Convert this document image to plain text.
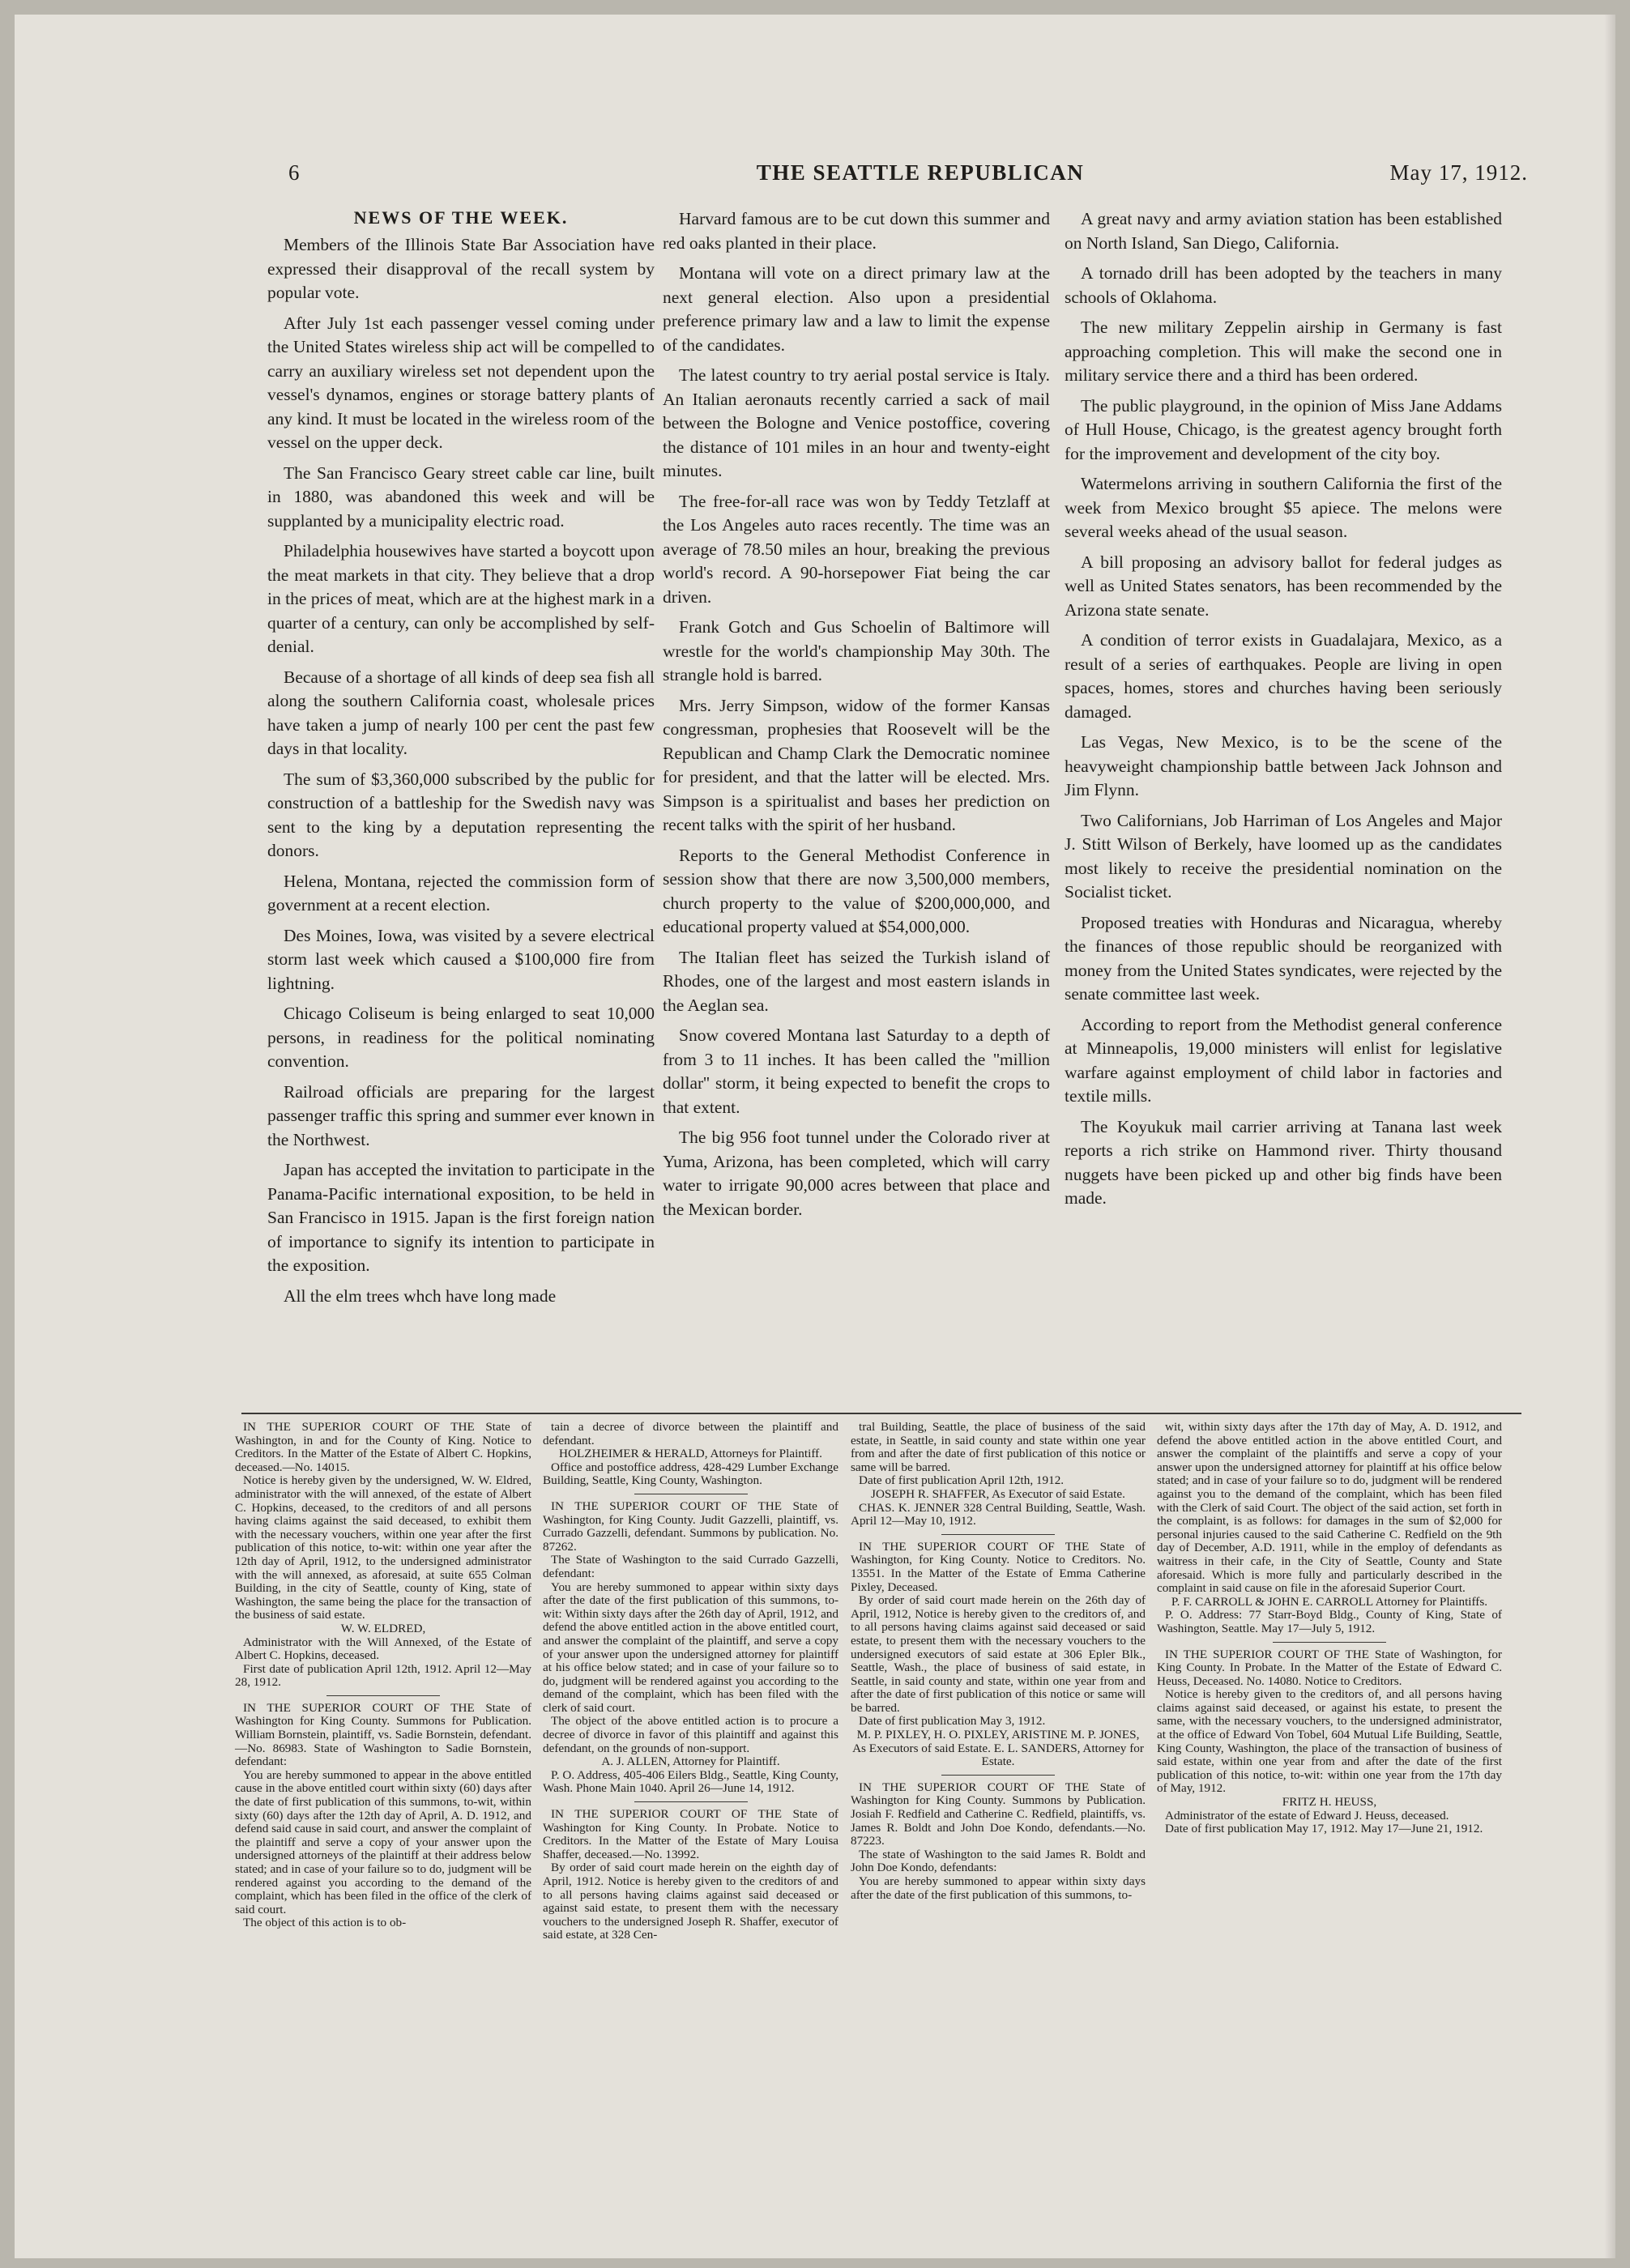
6	THE SEATTLE REPUBLICAN	May 17, 1912.
NEWS OF THE WEEK.

Members of the Illinois State Bar Association have expressed their disapproval of the recall system by popular vote.

After July 1st each passenger vessel coming under the United States wireless ship act will be compelled to carry an auxiliary wireless set not dependent upon the vessel's dynamos, engines or storage battery plants of any kind. It must be located in the wireless room of the vessel on the upper deck.

The San Francisco Geary street cable car line, built in 1880, was abandoned this week and will be supplanted by a municipality electric road.

Philadelphia housewives have started a boycott upon the meat markets in that city. They believe that a drop in the prices of meat, which are at the highest mark in a quarter of a century, can only be accomplished by self-denial.

Because of a shortage of all kinds of deep sea fish all along the southern California coast, wholesale prices have taken a jump of nearly 100 per cent the past few days in that locality.

The sum of $3,360,000 subscribed by the public for construction of a battleship for the Swedish navy was sent to the king by a deputation representing the donors.

Helena, Montana, rejected the commission form of government at a recent election.

Des Moines, Iowa, was visited by a severe electrical storm last week which caused a $100,000 fire from lightning.

Chicago Coliseum is being enlarged to seat 10,000 persons, in readiness for the political nominating convention.

Railroad officials are preparing for the largest passenger traffic this spring and summer ever known in the Northwest.

Japan has accepted the invitation to participate in the Panama-Pacific international exposition, to be held in San Francisco in 1915. Japan is the first foreign nation of importance to signify its intention to participate in the exposition.

All the elm trees whch have long made

Harvard famous are to be cut down this summer and red oaks planted in their place.

Montana will vote on a direct primary law at the next general election. Also upon a presidential preference primary law and a law to limit the expense of the candidates.

The latest country to try aerial postal service is Italy. An Italian aeronauts recently carried a sack of mail between the Bologne and Venice postoffice, covering the distance of 101 miles in an hour and twenty-eight minutes.

The free-for-all race was won by Teddy Tetzlaff at the Los Angeles auto races recently. The time was an average of 78.50 miles an hour, breaking the previous world's record. A 90-horsepower Fiat being the car driven.

Frank Gotch and Gus Schoelin of Baltimore will wrestle for the world's championship May 30th. The strangle hold is barred.

Mrs. Jerry Simpson, widow of the former Kansas congressman, prophesies that Roosevelt will be the Republican and Champ Clark the Democratic nominee for president, and that the latter will be elected. Mrs. Simpson is a spiritualist and bases her prediction on recent talks with the spirit of her husband.

Reports to the General Methodist Conference in session show that there are now 3,500,000 members, church property to the value of $200,000,000, and educational property valued at $54,000,000.

The Italian fleet has seized the Turkish island of Rhodes, one of the largest and most eastern islands in the Aeglan sea.

Snow covered Montana last Saturday to a depth of from 3 to 11 inches. It has been called the ''million dollar'' storm, it being expected to benefit the crops to that extent.

The big 956 foot tunnel under the Colorado river at Yuma, Arizona, has been completed, which will carry water to irrigate 90,000 acres between that place and the Mexican border.

A great navy and army aviation station has been established on North Island, San Diego, California.

A tornado drill has been adopted by the teachers in many schools of Oklahoma.

The new military Zeppelin airship in Germany is fast approaching completion. This will make the second one in military service there and a third has been ordered.

The public playground, in the opinion of Miss Jane Addams of Hull House, Chicago, is the greatest agency brought forth for the improvement and development of the city boy.

Watermelons arriving in southern California the first of the week from Mexico brought $5 apiece. The melons were several weeks ahead of the usual season.

A bill proposing an advisory ballot for federal judges as well as United States senators, has been recommended by the Arizona state senate.

A condition of terror exists in Guadalajara, Mexico, as a result of a series of earthquakes. People are living in open spaces, homes, stores and churches having been seriously damaged.

Las Vegas, New Mexico, is to be the scene of the heavyweight championship battle between Jack Johnson and Jim Flynn.

Two Californians, Job Harriman of Los Angeles and Major J. Stitt Wilson of Berkely, have loomed up as the candidates most likely to receive the presidential nomination on the Socialist ticket.

Proposed treaties with Honduras and Nicaragua, whereby the finances of those republic should be reorganized with money from the United States syndicates, were rejected by the senate committee last week.

According to report from the Methodist general conference at Minneapolis, 19,000 ministers will enlist for legislative warfare against employment of child labor in factories and textile mills.

The Koyukuk mail carrier arriving at Tanana last week reports a rich strike on Hammond river. Thirty thousand nuggets have been picked up and other big finds have been made.

IN THE SUPERIOR COURT OF THE State of Washington, in and for the County of King. Notice to Creditors. In the Matter of the Estate of Albert C. Hopkins, deceased.—No. 14015.

Notice is hereby given by the undersigned, W. W. Eldred, administrator with the will annexed, of the estate of Albert C. Hopkins, deceased, to the creditors of and all persons having claims against the said deceased, to exhibit them with the necessary vouchers, within one year after the first publication of this notice, to-wit: within one year after the 12th day of April, 1912, to the undersigned administrator with the will annexed, as aforesaid, at suite 655 Colman Building, in the city of Seattle, county of King, state of Washington, the same being the place for the transaction of the business of said estate.

W. W. ELDRED,

Administrator with the Will Annexed, of the Estate of Albert C. Hopkins, deceased.

First date of publication April 12th, 1912. April 12—May 28, 1912.

IN THE SUPERIOR COURT OF THE State of Washington for King County. Summons for Publication. William Bornstein, plaintiff, vs. Sadie Bornstein, defendant.—No. 86983. State of Washington to Sadie Bornstein, defendant:

You are hereby summoned to appear in the above entitled cause in the above entitled court within sixty (60) days after the date of first publication of this summons, to-wit, within sixty (60) days after the 12th day of April, A. D. 1912, and defend said cause in said court, and answer the complaint of the plaintiff and serve a copy of your answer upon the undersigned attorneys of the plaintiff at their address below stated; and in case of your failure so to do, judgment will be rendered against you according to the demand of the complaint, which has been filed in the office of the clerk of said court.

The object of this action is to ob-

tain a decree of divorce between the plaintiff and defendant.

HOLZHEIMER & HERALD, Attorneys for Plaintiff.

Office and postoffice address, 428-429 Lumber Exchange Building, Seattle, King County, Washington.

IN THE SUPERIOR COURT OF THE State of Washington, for King County. Judit Gazzelli, plaintiff, vs. Currado Gazzelli, defendant. Summons by publication. No. 87262.

The State of Washington to the said Currado Gazzelli, defendant:

You are hereby summoned to appear within sixty days after the date of the first publication of this summons, to-wit: Within sixty days after the 26th day of April, 1912, and defend the above entitled action in the above entitled court, and answer the complaint of the plaintiff, and serve a copy of your answer upon the undersigned attorney for plaintiff at his office below stated; and in case of your failure so to do, judgment will be rendered against you according to the demand of the complaint, which has been filed with the clerk of said court.

The object of the above entitled action is to procure a decree of divorce in favor of this plaintiff and against this defendant, on the grounds of non-support.

A. J. ALLEN, Attorney for Plaintiff.

P. O. Address, 405-406 Eilers Bldg., Seattle, King County, Wash. Phone Main 1040. April 26—June 14, 1912.

IN THE SUPERIOR COURT OF THE State of Washington for King County. In Probate. Notice to Creditors. In the Matter of the Estate of Mary Louisa Shaffer, deceased.—No. 13992.

By order of said court made herein on the eighth day of April, 1912. Notice is hereby given to the creditors of and to all persons having claims against said deceased or against said estate, to present them with the necessary vouchers to the undersigned Joseph R. Shaffer, executor of said estate, at 328 Cen-

tral Building, Seattle, the place of business of the said estate, in Seattle, in said county and state within one year from and after the date of first publication of this notice or same will be barred.

Date of first publication April 12th, 1912.

JOSEPH R. SHAFFER, As Executor of said Estate.

CHAS. K. JENNER 328 Central Building, Seattle, Wash. April 12—May 10, 1912.

IN THE SUPERIOR COURT OF THE State of Washington, for King County. Notice to Creditors. No. 13551. In the Matter of the Estate of Emma Catherine Pixley, Deceased.

By order of said court made herein on the 26th day of April, 1912, Notice is hereby given to the creditors of, and to all persons having claims against said deceased or said estate, to present them with the necessary vouchers to the undersigned executors of said estate at 306 Epler Blk., Seattle, Wash., the place of business of said estate, in Seattle, in said county and state, within one year from and after the date of first publication of this notice or same will be barred.

Date of first publication May 3, 1912.

M. P. PIXLEY, H. O. PIXLEY, ARISTINE M. P. JONES, As Executors of said Estate. E. L. SANDERS, Attorney for Estate.

IN THE SUPERIOR COURT OF THE State of Washington for King County. Summons by Publication. Josiah F. Redfield and Catherine C. Redfield, plaintiffs, vs. James R. Boldt and John Doe Kondo, defendants.—No. 87223.

The state of Washington to the said James R. Boldt and John Doe Kondo, defendants:

You are hereby summoned to appear within sixty days after the date of the first publication of this summons, to-

wit, within sixty days after the 17th day of May, A. D. 1912, and defend the above entitled action in the above entitled Court, and answer the complaint of the plaintiffs and serve a copy of your answer upon the undersigned attorney for plaintiff at his office below stated; and in case of your failure so to do, judgment will be rendered against you to the demand of the complaint, which has been filed with the Clerk of said Court. The object of the said action, set forth in the complaint, is as follows: for damages in the sum of $2,000 for personal injuries caused to the said Catherine C. Redfield on the 9th day of December, A.D. 1911, while in the employ of defendants as waitress in their cafe, in the City of Seattle, County and State aforesaid. Which is more fully and particularly described in the complaint in said cause on file in the aforesaid Superior Court.

P. F. CARROLL & JOHN E. CARROLL Attorney for Plaintiffs.

P. O. Address: 77 Starr-Boyd Bldg., County of King, State of Washington, Seattle. May 17—July 5, 1912.

IN THE SUPERIOR COURT OF THE State of Washington, for King County. In Probate. In the Matter of the Estate of Edward C. Heuss, Deceased. No. 14080. Notice to Creditors.

Notice is hereby given to the creditors of, and all persons having claims against said deceased, or against his estate, to present the same, with the necessary vouchers, to the undersigned administrator, at the office of Edward Von Tobel, 604 Mutual Life Building, Seattle, King County, Washington, the place of the transaction of business of said estate, within one year from and after the date of the first publication of this notice, to-wit: within one year from the 17th day of May, 1912.

FRITZ H. HEUSS,

Administrator of the estate of Edward J. Heuss, deceased.

Date of first publication May 17, 1912. May 17—June 21, 1912.
